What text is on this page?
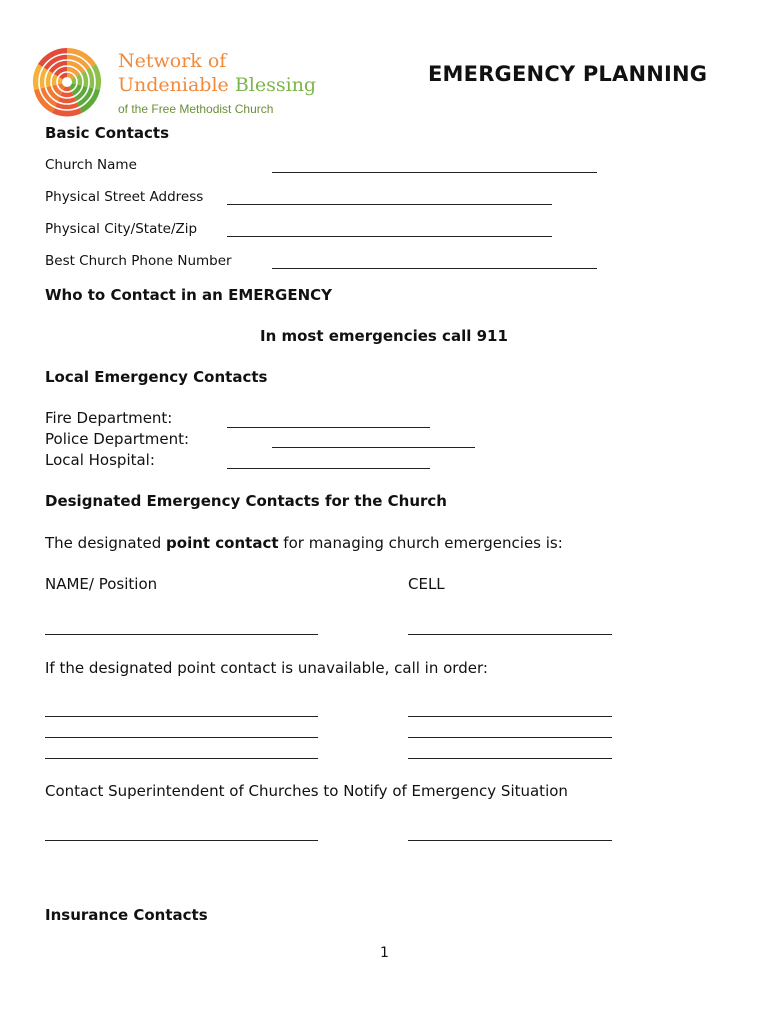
Network of
Undeniable Blessing
of the Free Methodist Church
EMERGENCY PLANNING
Basic Contacts
Church Name
Physical Street Address
Physical City/State/Zip
Best Church Phone Number
Who to Contact in an EMERGENCY
In most emergencies call 911
Local Emergency Contacts
Fire Department:
Police Department:
Local Hospital:
Designated Emergency Contacts for the Church
The designated point contact for managing church emergencies is:
NAME/ Position	CELL
If the designated point contact is unavailable, call in order:
Contact Superintendent of Churches to Notify of Emergency Situation
Insurance Contacts
1
